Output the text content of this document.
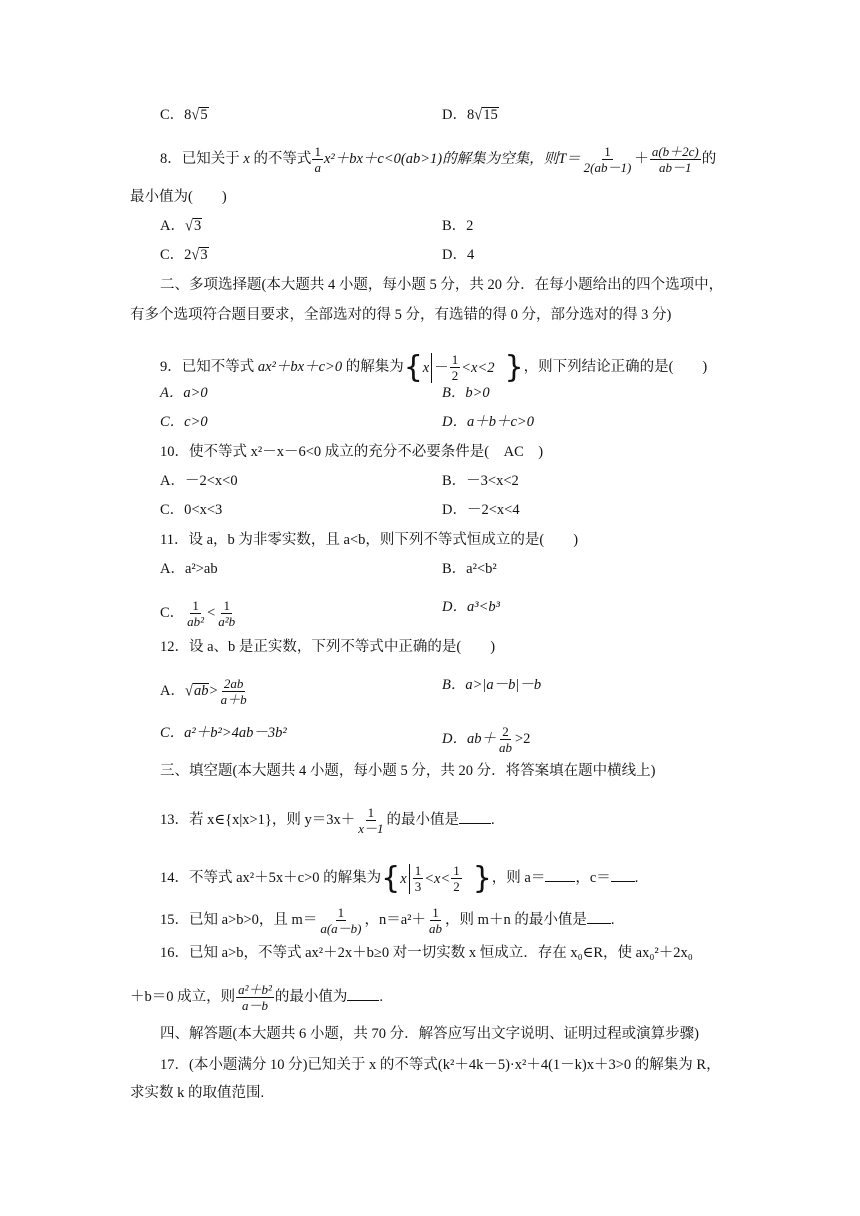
C．8√5	D．8√15
8．已知关于 x 的不等式 $\frac{1}{a} x^2+bx+c<0(ab>1)$的解集为空集，则$T= \frac{1}{2(ab-1)} + \frac{a(b+2c)}{ab-1}$ 的
最小值为(　　)
A．√3	B．2
C．2√3	D．4
二、多项选择题(本大题共 4 小题，每小题 5 分，共 20 分．在每小题给出的四个选项中，
有多个选项符合题目要求，全部选对的得 5 分，有选错的得 0 分，部分选对的得 3 分)
9．已知不等式 ax²＋bx＋c>0 的解集为 { $x - \frac{1}{2} <x<2$ } ，则下列结论正确的是(　　)
A．a>0	B．b>0
C．c>0	D．a＋b＋c>0
10．使不等式 x²－x－6<0 成立的充分不必要条件是(　AC　)
A．－2<x<0	B．－3<x<2
C．0<x<3	D．－2<x<4
11．设 a，b 为非零实数，且 a<b，则下列不等式恒成立的是(　　)
A．a²>ab	B．a²<b²
C． $\frac{1}{\text{ab²}} < \frac{1}{\text{a²b}}$	D．a³<b³
12．设 a、b 是正实数，下列不等式中正确的是(　　)
A．$√ab> \frac{2ab}{a+b}$	B．a>|a－b|－b
C．a²＋b²>4ab－3b²	D．$ab+ \frac{2}{ab} >2$
三、填空题(本大题共 4 小题，每小题 5 分，共 20 分．将答案填在题中横线上)
13．若 x∈{x|x>1}，则 $y=3x+ \frac{1}{x-1}$ 的最小值是 .
14．不等式 ax²＋5x＋c>0 的解集为 { x $\frac{1}{3} <x< \frac{1}{2}$ } ，则 a＝ ，c＝ .
15．已知 a>b>0，且 $m= \frac{1}{a(a-b)}$ ，$n=a^2+ \frac{1}{ab}$ ，则 m＋n 的最小值是 .
16．已知 a>b，不等式 ax²＋2x＋b≥0 对一切实数 x 恒成立．存在 x₀∈R，使 ax₀²＋2x₀
＋b＝0 成立，则 $\frac{\text{a²＋b²}}{a-b}$ 的最小值为 .
四、解答题(本大题共 6 小题，共 70 分．解答应写出文字说明、证明过程或演算步骤)
17．(本小题满分 10 分)已知关于 x 的不等式(k²＋4k－5)·x²＋4(1－k)x＋3>0 的解集为 R，
求实数 k 的取值范围.
